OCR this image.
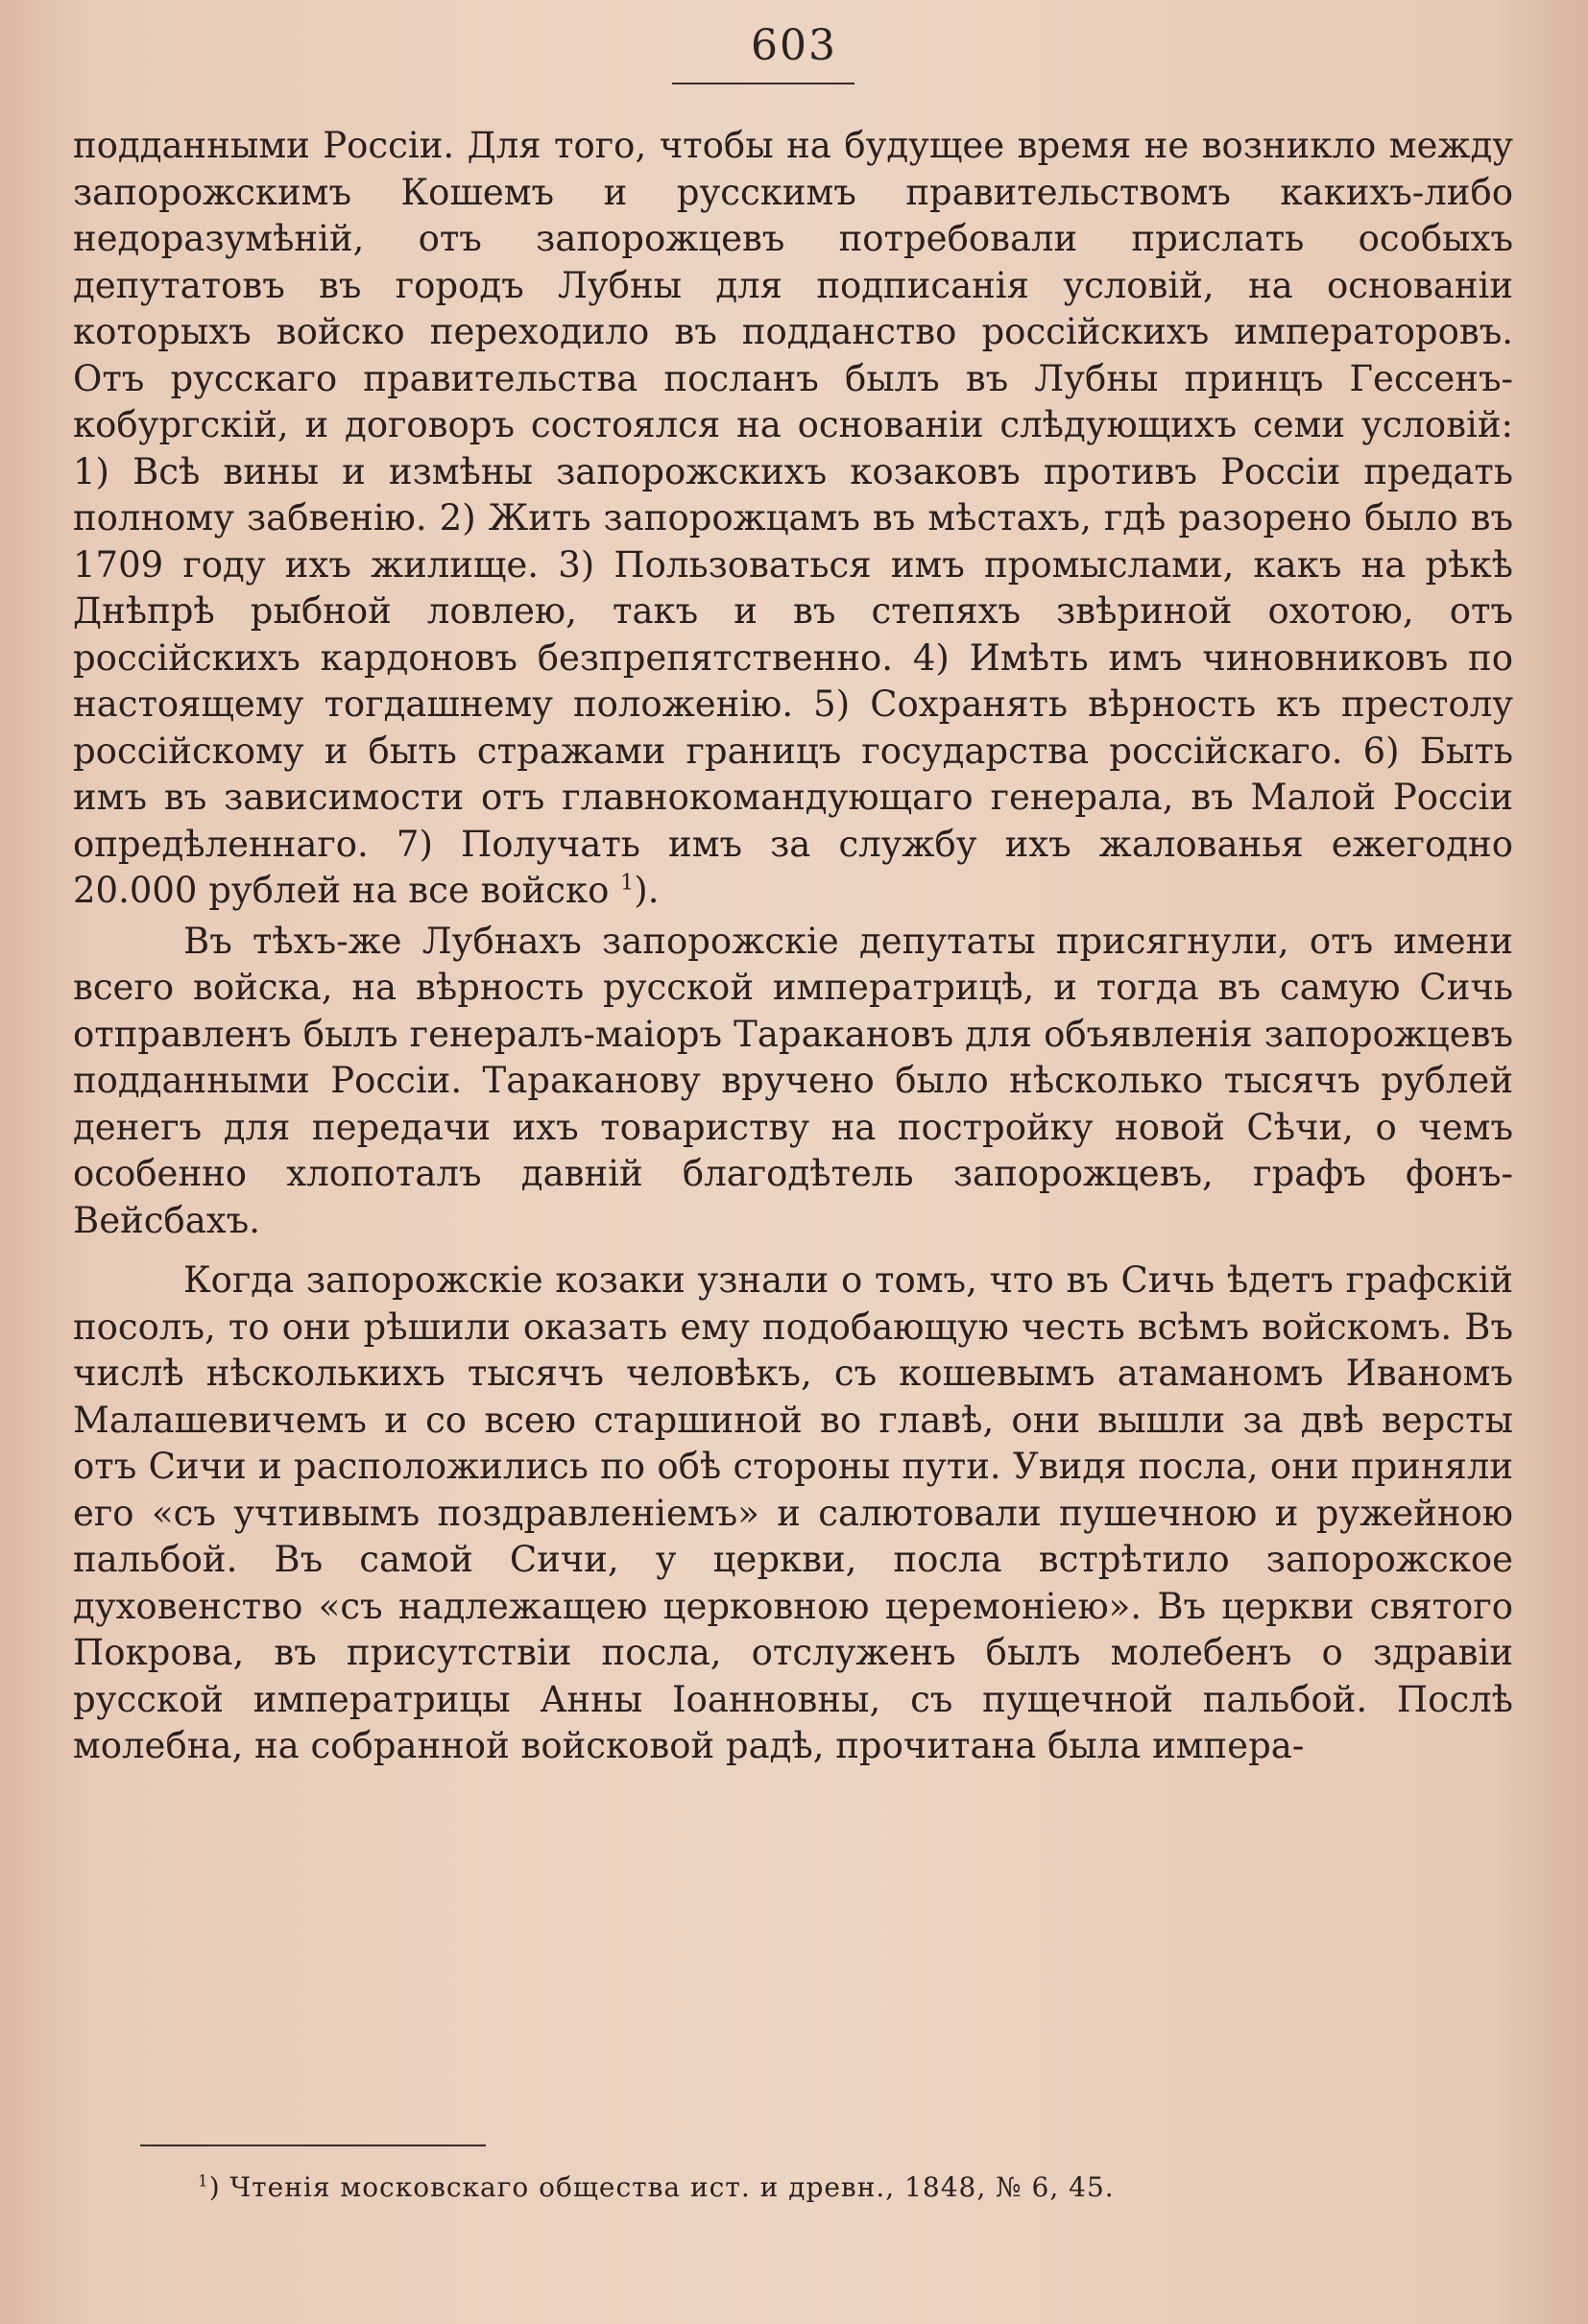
603

подданными Россіи. Для того, чтобы на будущее время не возникло между запорожскимъ Кошемъ и русскимъ правительствомъ какихъ-либо недоразумѣній, отъ запорожцевъ потребовали прислать особыхъ депутатовъ въ городъ Лубны для подписанія условій, на основаніи которыхъ войско переходило въ подданство россійскихъ императоровъ. Отъ русскаго правительства посланъ былъ въ Лубны принцъ Гессенъ-кобургскій, и договоръ состоялся на основаніи слѣдующихъ семи условій: 1) Всѣ вины и измѣны запорожскихъ козаковъ противъ Россіи предать полному забвенію. 2) Жить запорожцамъ въ мѣстахъ, гдѣ разорено было въ 1709 году ихъ жилище. 3) Пользоваться имъ промыслами, какъ на рѣкѣ Днѣпрѣ рыбной ловлею, такъ и въ степяхъ звѣриной охотою, отъ россійскихъ кардоновъ безпрепятственно. 4) Имѣть имъ чиновниковъ по настоящему тогдашнему положенію. 5) Сохранять вѣрность къ престолу россійскому и быть стражами границъ государства россійскаго. 6) Быть имъ въ зависимости отъ главнокомандующаго генерала, въ Малой Россіи опредѣленнаго. 7) Получать имъ за службу ихъ жалованья ежегодно 20.000 рублей на все войско $^1$).

Въ тѣхъ-же Лубнахъ запорожскіе депутаты присягнули, отъ имени всего войска, на вѣрность русской императрицѣ, и тогда въ самую Сичь отправленъ былъ генералъ-маіоръ Таракановъ для объявленія запорожцевъ подданными Россіи. Тараканову вручено было нѣсколько тысячъ рублей денегъ для передачи ихъ товариству на постройку новой Сѣчи, о чемъ особенно хлопоталъ давній благодѣтель запорожцевъ, графъ фонъ-Вейсбахъ.

Когда запорожскіе козаки узнали о томъ, что въ Сичь ѣдетъ графскій посолъ, то они рѣшили оказать ему подобающую честь всѣмъ войскомъ. Въ числѣ нѣсколькихъ тысячъ человѣкъ, съ кошевымъ атаманомъ Иваномъ Малашевичемъ и со всею старшиной во главѣ, они вышли за двѣ версты отъ Сичи и расположились по обѣ стороны пути. Увидя посла, они приняли его «съ учтивымъ поздравленіемъ» и салютовали пушечною и ружейною пальбой. Въ самой Сичи, у церкви, посла встрѣтило запорожское духовенство «съ надлежащею церковною церемоніею». Въ церкви святого Покрова, въ присутствіи посла, отслуженъ былъ молебенъ о здравіи русской императрицы Анны Іоанновны, съ пущечной пальбой. Послѣ молебна, на собранной войсковой радѣ, прочитана была импера-

$^1$) Чтенія московскаго общества ист. и древн., 1848, № 6, 45.
